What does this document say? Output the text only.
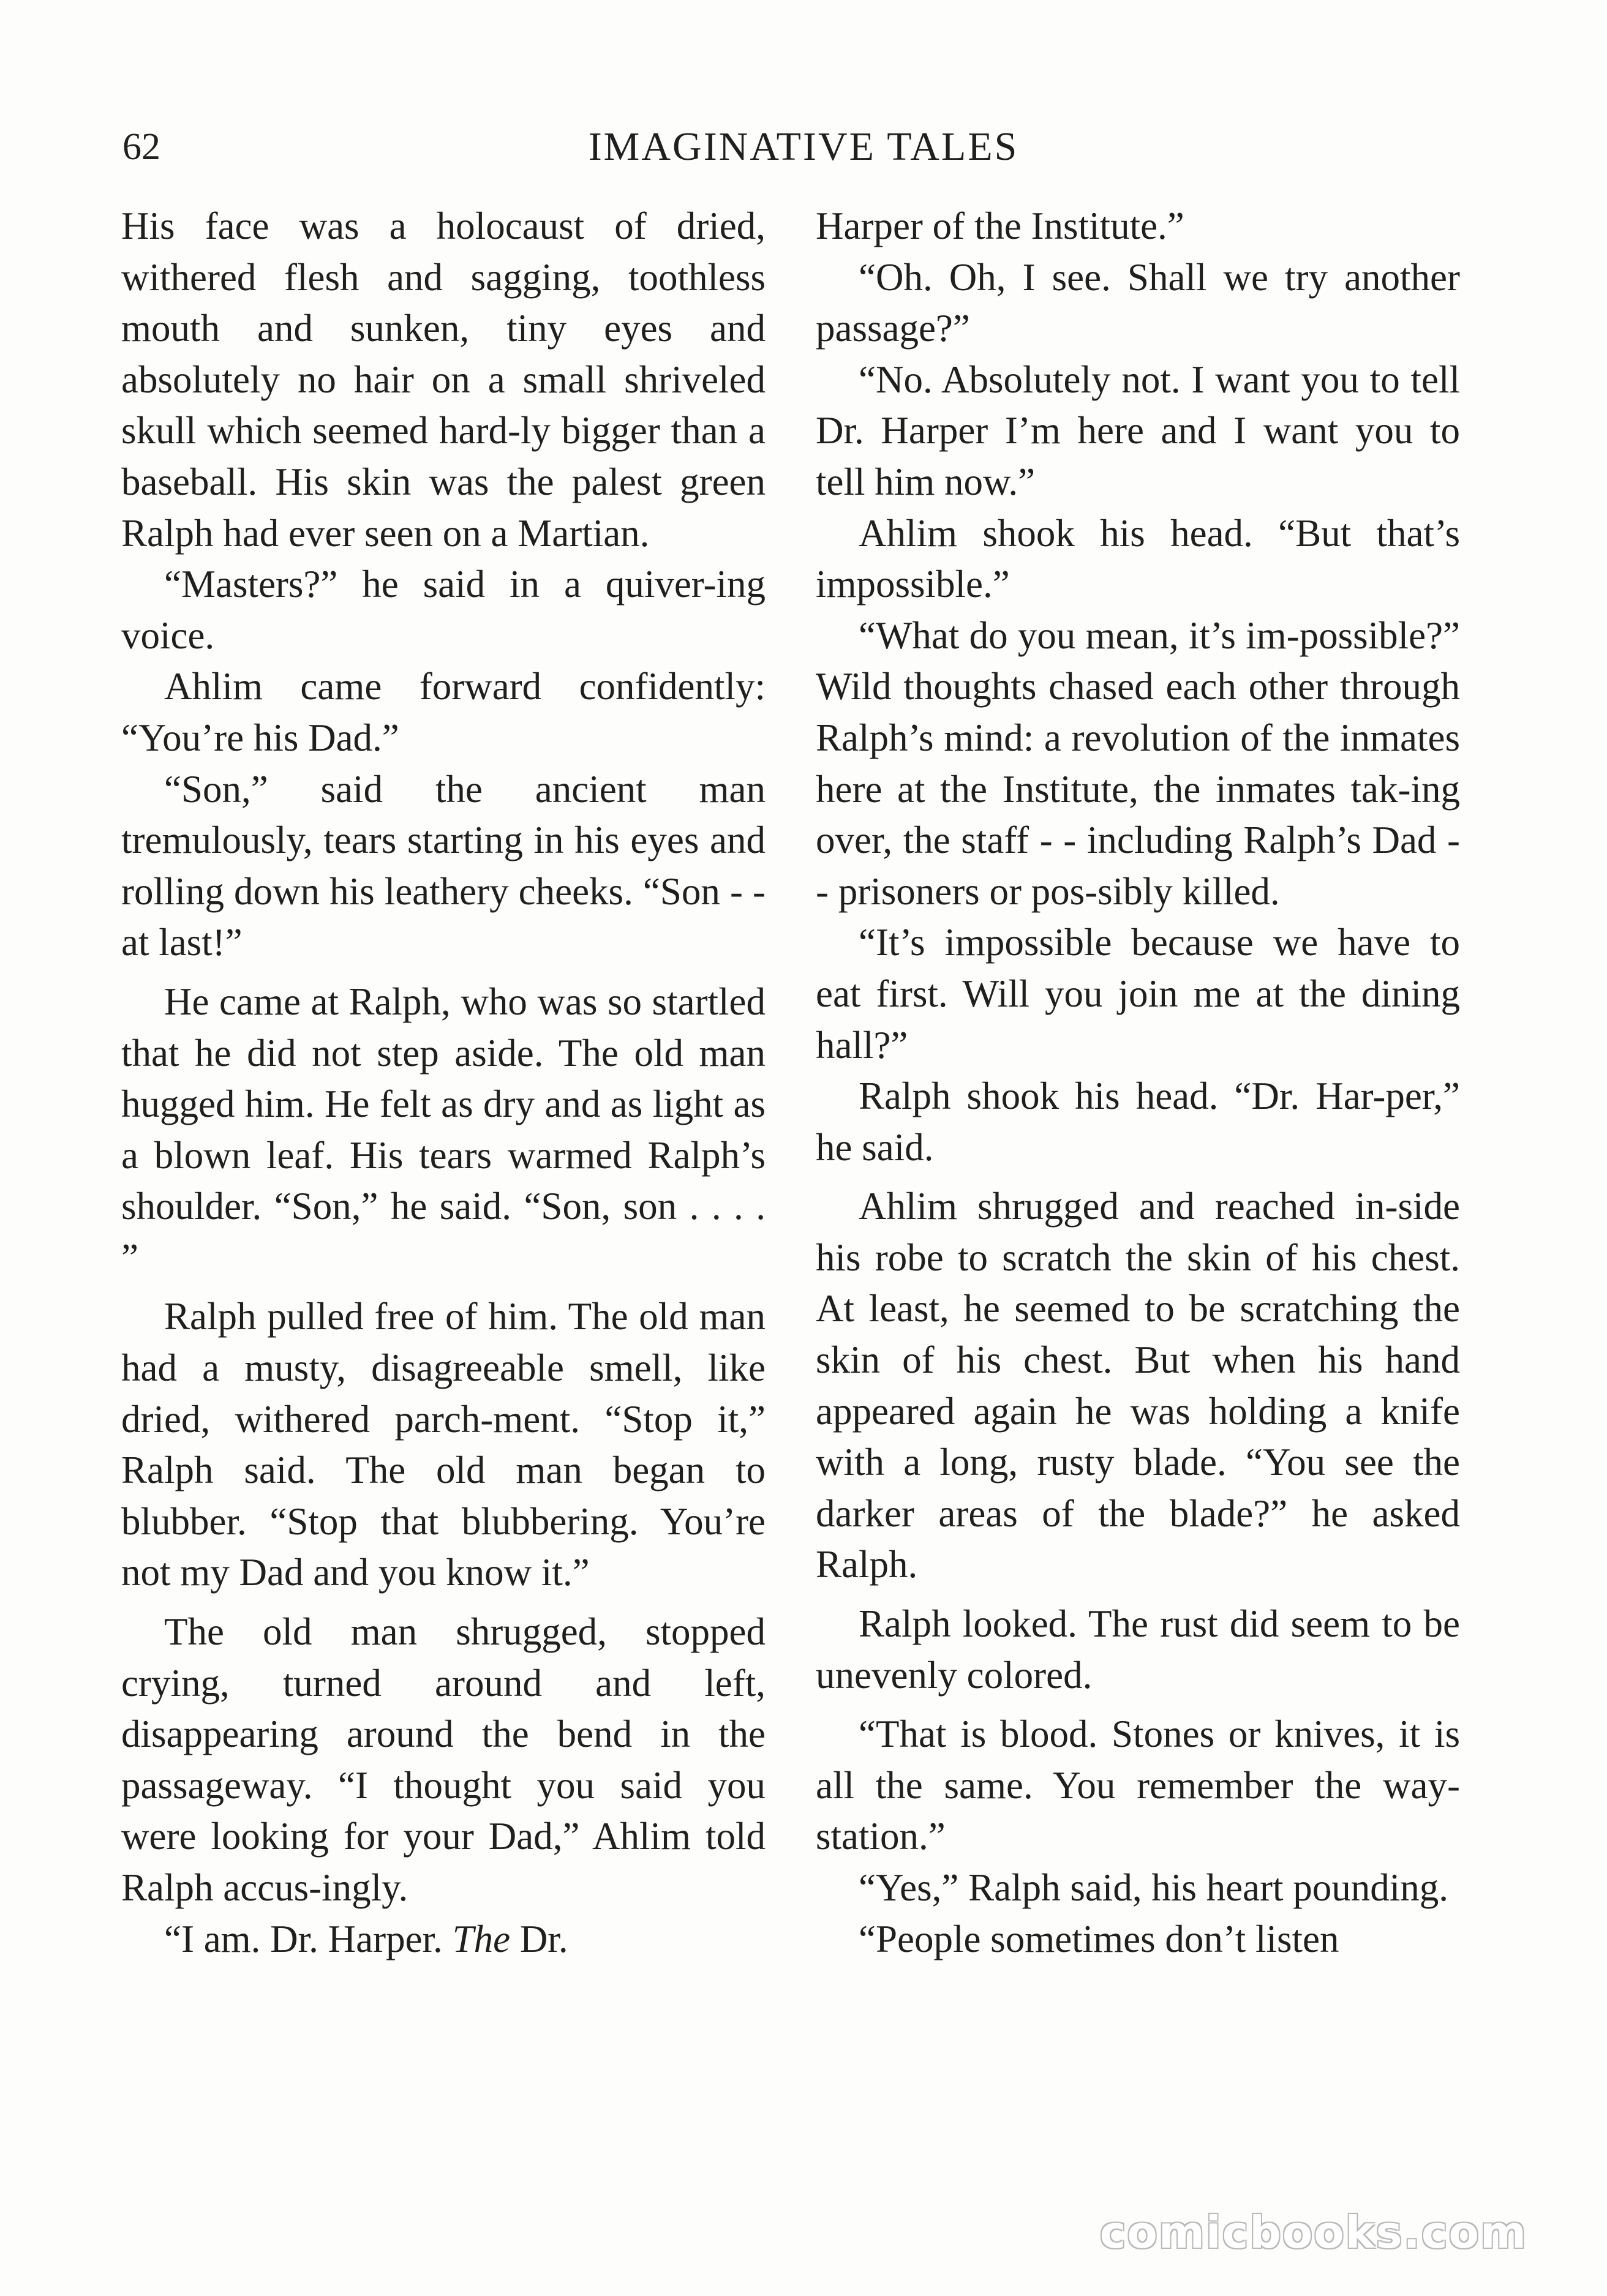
62	IMAGINATIVE TALES

His face was a holocaust of dried, withered flesh and sagging, toothless mouth and sunken, tiny eyes and absolutely no hair on a small shriveled skull which seemed hard-ly bigger than a baseball. His skin was the palest green Ralph had ever seen on a Martian.

“Masters?” he said in a quiver-ing voice.

Ahlim came forward confidently: “You’re his Dad.”

“Son,” said the ancient man tremulously, tears starting in his eyes and rolling down his leathery cheeks. “Son - - at last!”

He came at Ralph, who was so startled that he did not step aside. The old man hugged him. He felt as dry and as light as a blown leaf. His tears warmed Ralph’s shoulder. “Son,” he said. “Son, son . . . . ”

Ralph pulled free of him. The old man had a musty, disagreeable smell, like dried, withered parch-ment. “Stop it,” Ralph said. The old man began to blubber. “Stop that blubbering. You’re not my Dad and you know it.”

The old man shrugged, stopped crying, turned around and left, disappearing around the bend in the passageway. “I thought you said you were looking for your Dad,” Ahlim told Ralph accus-ingly.

“I am. Dr. Harper. The Dr.

Harper of the Institute.”

“Oh. Oh, I see. Shall we try another passage?”

“No. Absolutely not. I want you to tell Dr. Harper I’m here and I want you to tell him now.”

Ahlim shook his head. “But that’s impossible.”

“What do you mean, it’s im-possible?” Wild thoughts chased each other through Ralph’s mind: a revolution of the inmates here at the Institute, the inmates tak-ing over, the staff - - including Ralph’s Dad - - prisoners or pos-sibly killed.

“It’s impossible because we have to eat first. Will you join me at the dining hall?”

Ralph shook his head. “Dr. Har-per,” he said.

Ahlim shrugged and reached in-side his robe to scratch the skin of his chest. At least, he seemed to be scratching the skin of his chest. But when his hand appeared again he was holding a knife with a long, rusty blade. “You see the darker areas of the blade?” he asked Ralph.

Ralph looked. The rust did seem to be unevenly colored.

“That is blood. Stones or knives, it is all the same. You remember the way-station.”

“Yes,” Ralph said, his heart pounding.

“People sometimes don’t listen

comicbooks.com
